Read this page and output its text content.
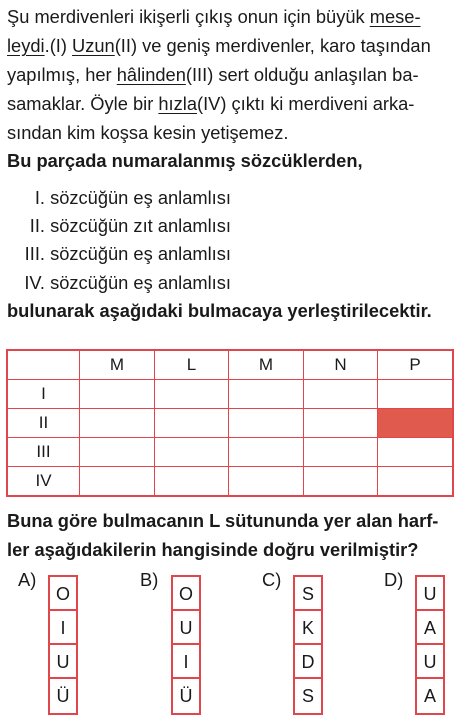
Şu merdivenleri ikişerli çıkış onun için büyük mese-
leydi.(I) Uzun(II) ve geniş merdivenler, karo taşından
yapılmış, her hâlinden(III) sert olduğu anlaşılan ba-
samaklar. Öyle bir hızla(IV) çıktı ki merdiveni arka-
sından kim koşsa kesin yetişemez.
Bu parçada numaralanmış sözcüklerden,
I. sözcüğün eş anlamlısı
II. sözcüğün zıt anlamlısı
III. sözcüğün eş anlamlısı
IV. sözcüğün eş anlamlısı
bulunarak aşağıdaki bulmacaya yerleştirilecektir.
	M	L	M	N	P
I					
II					
III					
IV					
Buna göre bulmacanın L sütununda yer alan harf-
ler aşağıdakilerin hangisinde doğru verilmiştir?
A)
O
I
U
Ü
B)
O
U
I
Ü
C)
S
K
D
S
D)
U
A
U
A
